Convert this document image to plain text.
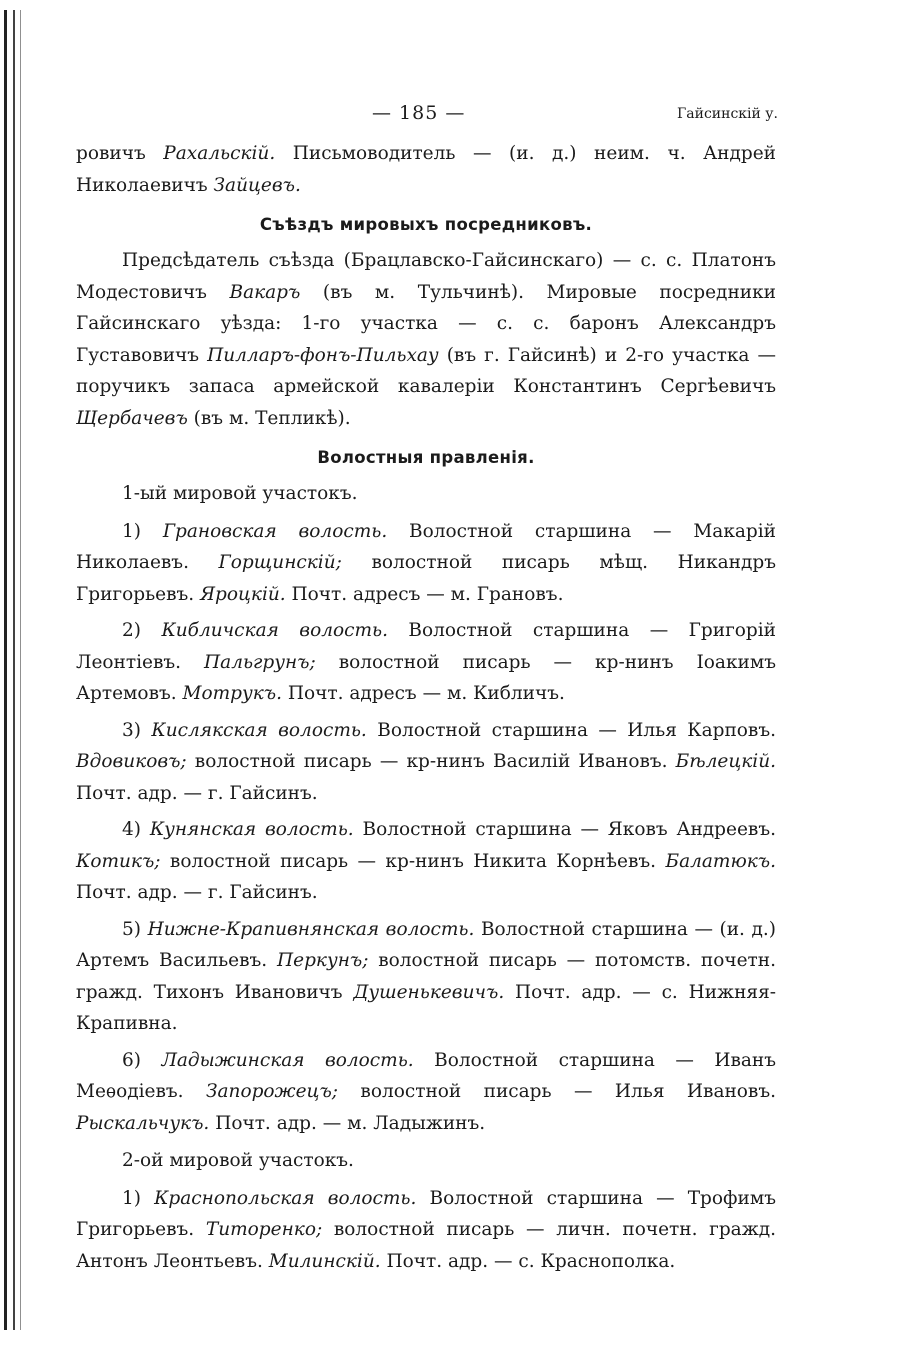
— 185 —	Гайсинскій у.

ровичъ Рахальскій. Письмоводитель — (и. д.) неим. ч. Андрей Николаевичъ Зайцевъ.

Съѣздъ мировыхъ посредниковъ.

Предсѣдатель съѣзда (Брацлавско-Гайсинскаго) — с. с. Платонъ Модестовичъ Вакаръ (въ м. Тульчинѣ). Мировые посредники Гайсинскаго уѣзда: 1-го участка — с. с. баронъ Александръ Густавовичъ Пилларъ-фонъ-Пильхау (въ г. Гайсинѣ) и 2-го участка — поручикъ запаса армейской кавалеріи Константинъ Сергѣевичъ Щербачевъ (въ м. Тепликѣ).

Волостныя правленія.

1-ый мировой участокъ.

1) Грановская волость. Волостной старшина — Макарій Николаевъ. Горщинскій; волостной писарь мѣщ. Никандръ Григорьевъ. Яроцкій. Почт. адресъ — м. Грановъ.

2) Кибличская волость. Волостной старшина — Григорій Леонтіевъ. Пальгрунъ; волостной писарь — кр-нинъ Іоакимъ Артемовъ. Мотрукъ. Почт. адресъ — м. Кибличъ.

3) Кислякская волость. Волостной старшина — Илья Карповъ. Вдовиковъ; волостной писарь — кр-нинъ Василій Ивановъ. Бѣлецкій. Почт. адр. — г. Гайсинъ.

4) Кунянская волость. Волостной старшина — Яковъ Андреевъ. Котикъ; волостной писарь — кр-нинъ Никита Корнѣевъ. Балатюкъ. Почт. адр. — г. Гайсинъ.

5) Нижне-Крапивнянская волость. Волостной старшина — (и. д.) Артемъ Васильевъ. Перкунъ; волостной писарь — потомств. почетн. гражд. Тихонъ Ивановичъ Душенькевичъ. Почт. адр. — с. Нижняя-Крапивна.

6) Ладыжинская волость. Волостной старшина — Иванъ Меѳодіевъ. Запорожецъ; волостной писарь — Илья Ивановъ. Рыскальчукъ. Почт. адр. — м. Ладыжинъ.

2-ой мировой участокъ.

1) Краснопольская волость. Волостной старшина — Трофимъ Григорьевъ. Титоренко; волостной писарь — личн. почетн. гражд. Антонъ Леонтьевъ. Милинскій. Почт. адр. — с. Краснополка.
